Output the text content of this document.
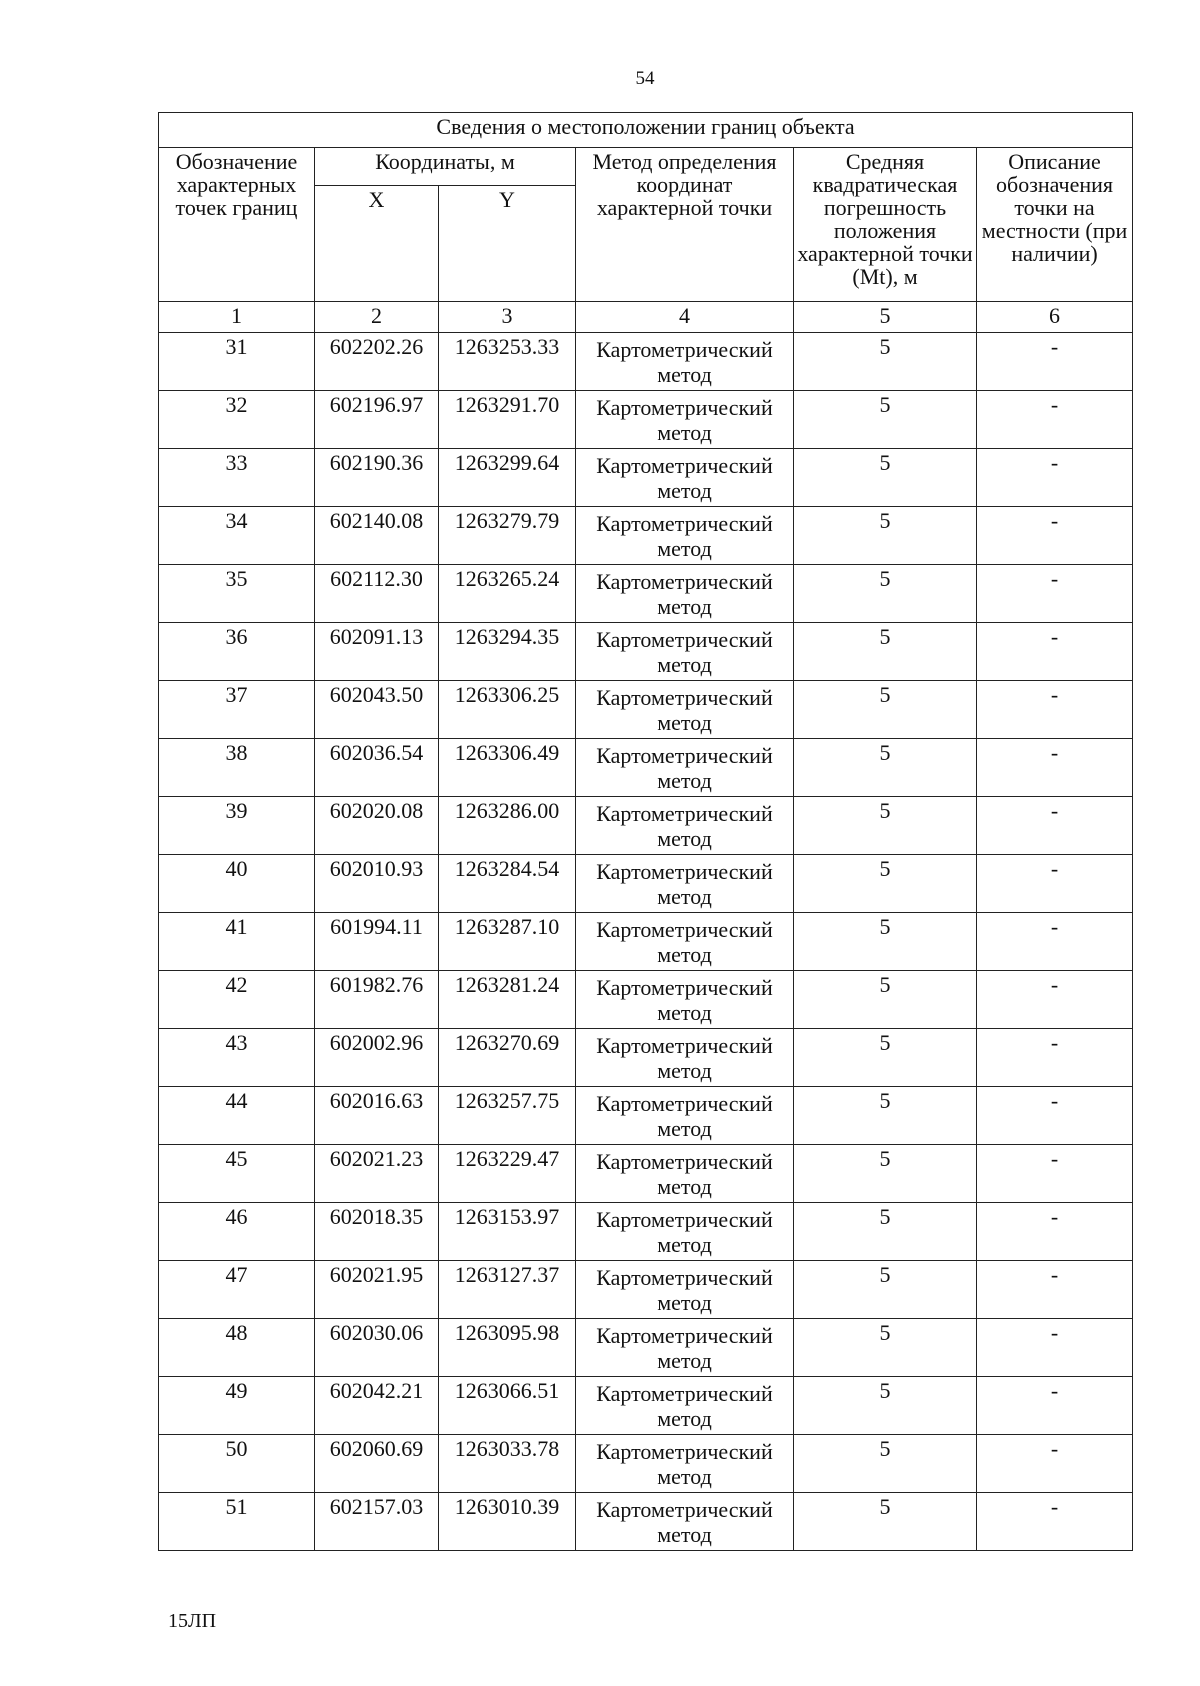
54
Сведения о местоположении границ объекта					
Обозначение характерных точек границ	Координаты, м		Метод определения координат характерной точки	Средняя квадратическая погрешность положения характерной точки (Mt), м	Описание обозначения точки на местности (при наличии)
	X	Y			
1	2	3	4	5	6
31	602202.26	1263253.33	Картометрический метод	5	-
32	602196.97	1263291.70	Картометрический метод	5	-
33	602190.36	1263299.64	Картометрический метод	5	-
34	602140.08	1263279.79	Картометрический метод	5	-
35	602112.30	1263265.24	Картометрический метод	5	-
36	602091.13	1263294.35	Картометрический метод	5	-
37	602043.50	1263306.25	Картометрический метод	5	-
38	602036.54	1263306.49	Картометрический метод	5	-
39	602020.08	1263286.00	Картометрический метод	5	-
40	602010.93	1263284.54	Картометрический метод	5	-
41	601994.11	1263287.10	Картометрический метод	5	-
42	601982.76	1263281.24	Картометрический метод	5	-
43	602002.96	1263270.69	Картометрический метод	5	-
44	602016.63	1263257.75	Картометрический метод	5	-
45	602021.23	1263229.47	Картометрический метод	5	-
46	602018.35	1263153.97	Картометрический метод	5	-
47	602021.95	1263127.37	Картометрический метод	5	-
48	602030.06	1263095.98	Картометрический метод	5	-
49	602042.21	1263066.51	Картометрический метод	5	-
50	602060.69	1263033.78	Картометрический метод	5	-
51	602157.03	1263010.39	Картометрический метод	5	-
15ЛП
